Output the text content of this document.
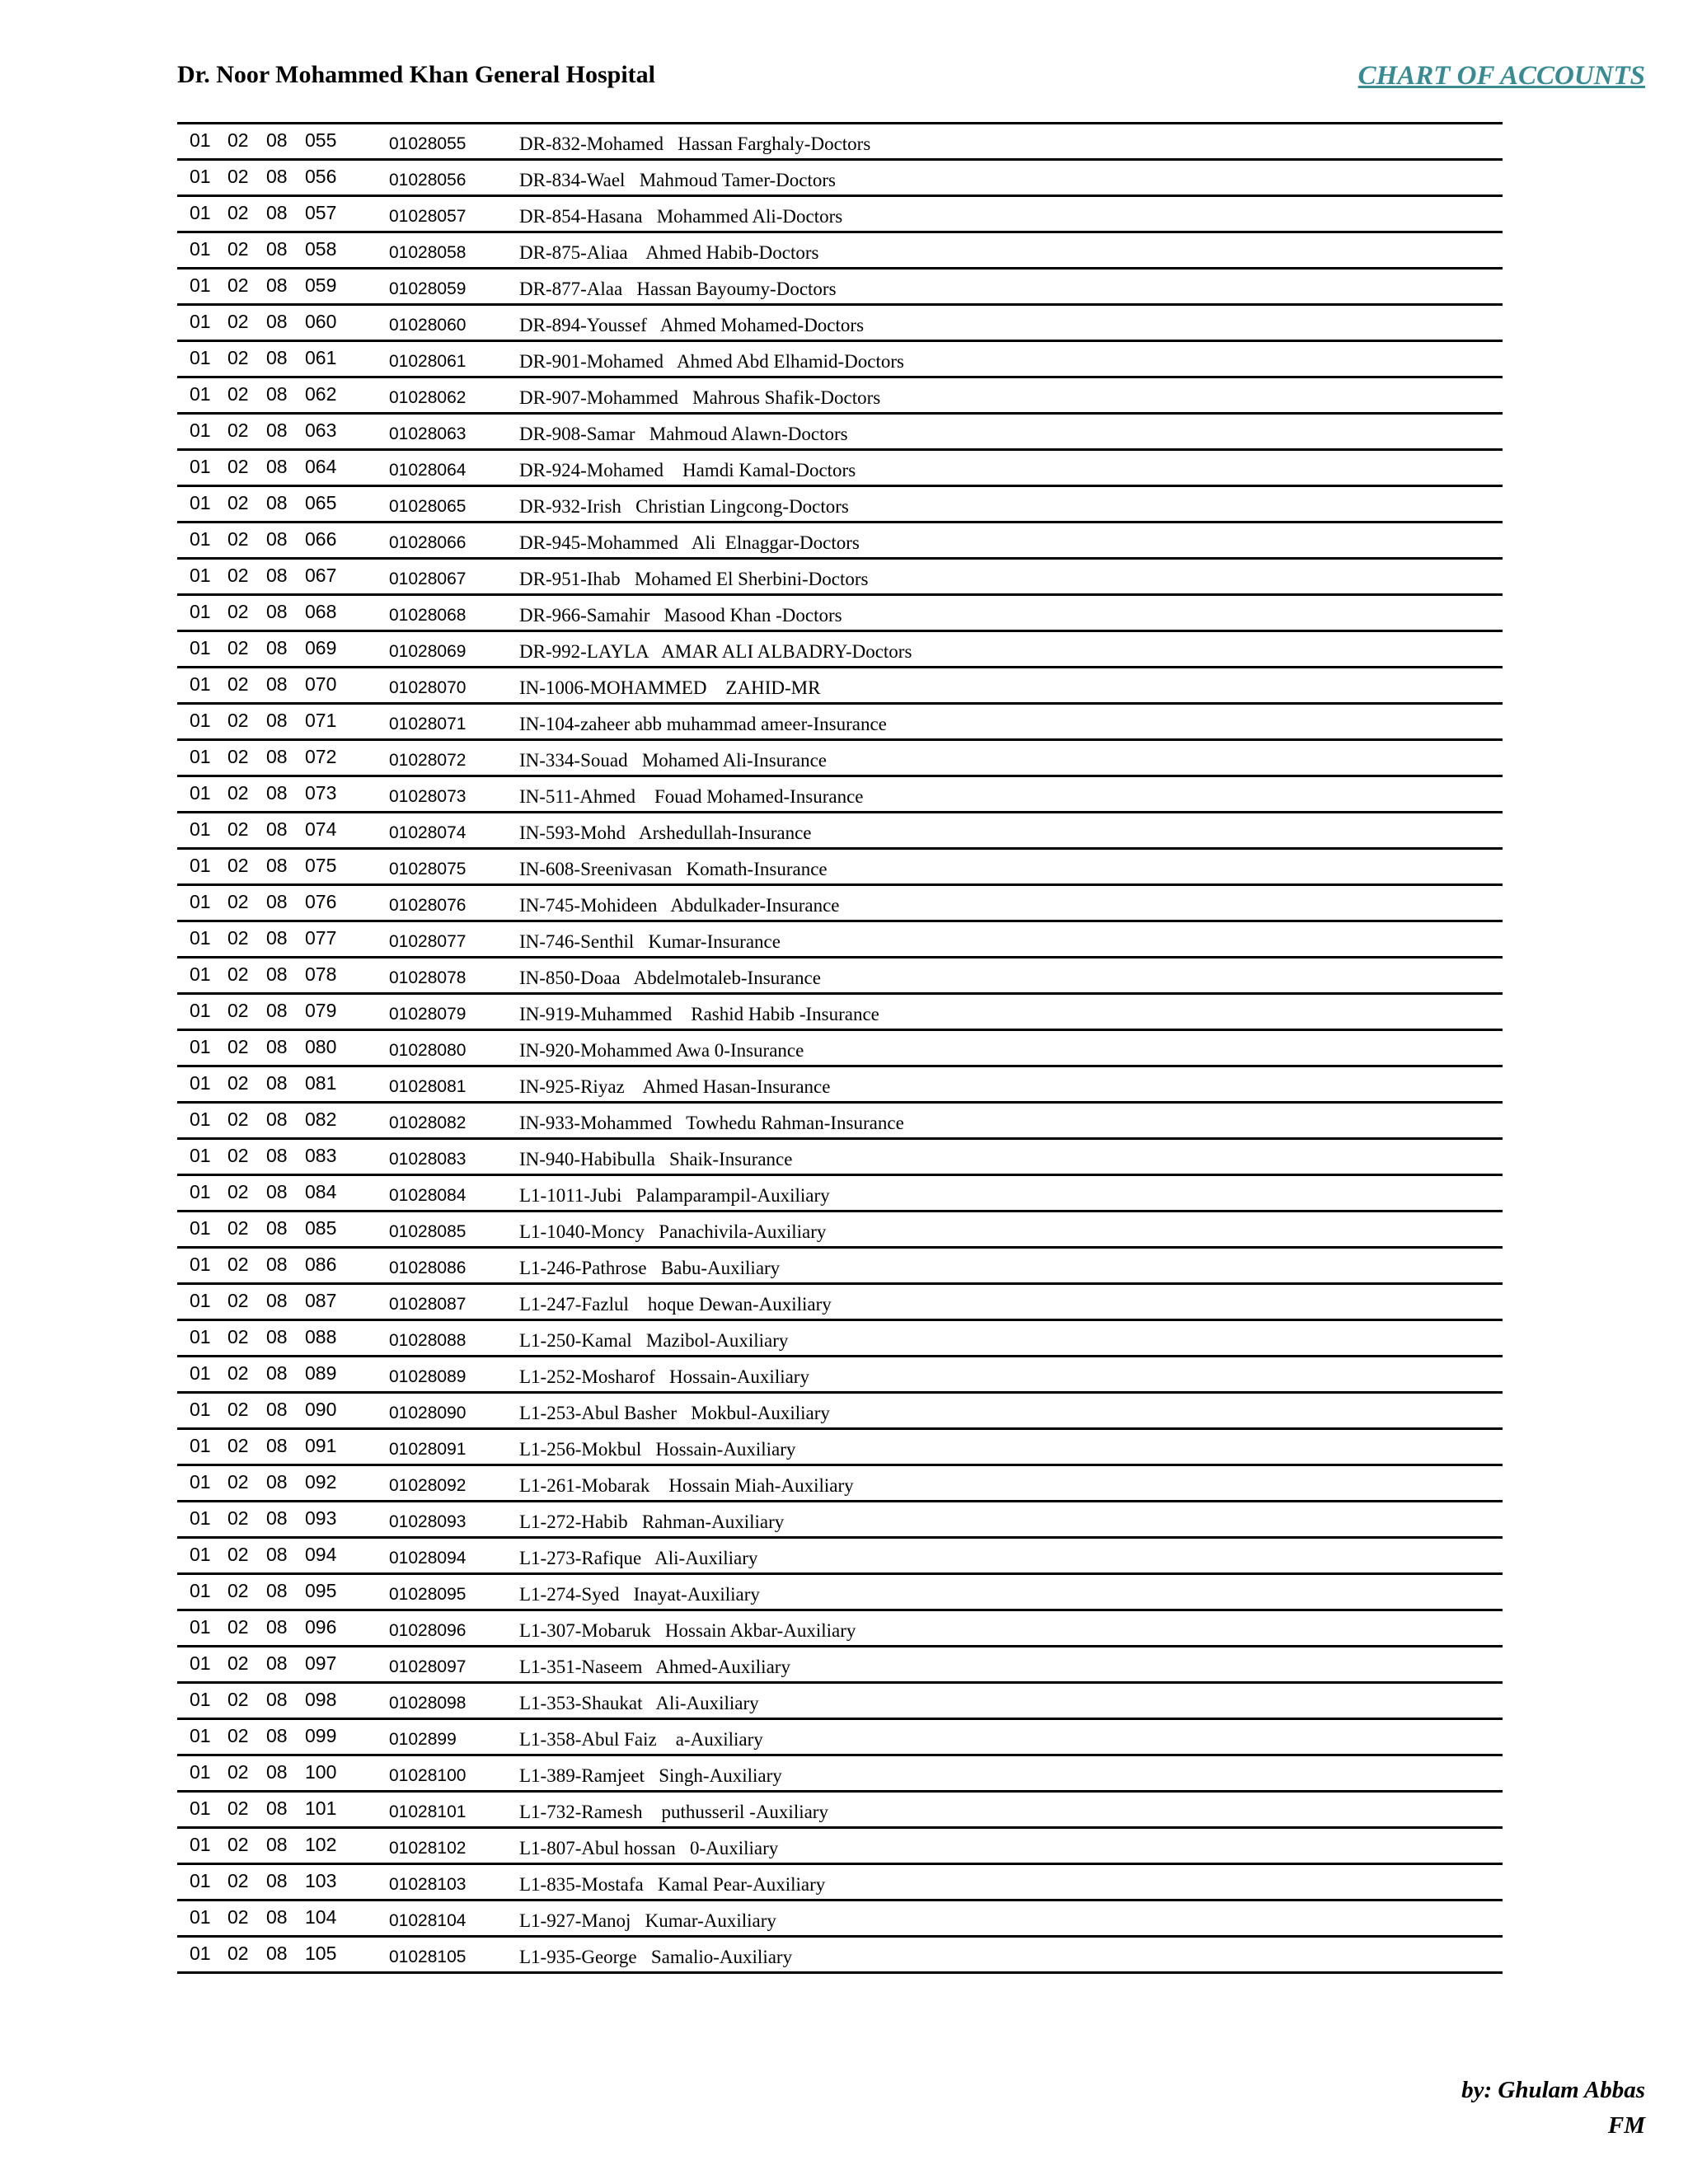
Dr. Noor Mohammed Khan General Hospital	CHART OF ACCOUNTS
01 02 08 055	01028055	DR-832-Mohamed   Hassan Farghaly-Doctors
01 02 08 056	01028056	DR-834-Wael   Mahmoud Tamer-Doctors
01 02 08 057	01028057	DR-854-Hasana   Mohammed Ali-Doctors
01 02 08 058	01028058	DR-875-Aliaa    Ahmed Habib-Doctors
01 02 08 059	01028059	DR-877-Alaa   Hassan Bayoumy-Doctors
01 02 08 060	01028060	DR-894-Youssef   Ahmed Mohamed-Doctors
01 02 08 061	01028061	DR-901-Mohamed   Ahmed Abd Elhamid-Doctors
01 02 08 062	01028062	DR-907-Mohammed   Mahrous Shafik-Doctors
01 02 08 063	01028063	DR-908-Samar   Mahmoud Alawn-Doctors
01 02 08 064	01028064	DR-924-Mohamed    Hamdi Kamal-Doctors
01 02 08 065	01028065	DR-932-Irish   Christian Lingcong-Doctors
01 02 08 066	01028066	DR-945-Mohammed   Ali  Elnaggar-Doctors
01 02 08 067	01028067	DR-951-Ihab   Mohamed El Sherbini-Doctors
01 02 08 068	01028068	DR-966-Samahir   Masood Khan -Doctors
01 02 08 069	01028069	DR-992-LAYLA   AMAR ALI ALBADRY-Doctors
01 02 08 070	01028070	IN-1006-MOHAMMED    ZAHID-MR
01 02 08 071	01028071	IN-104-zaheer abb muhammad ameer-Insurance
01 02 08 072	01028072	IN-334-Souad   Mohamed Ali-Insurance
01 02 08 073	01028073	IN-511-Ahmed    Fouad Mohamed-Insurance
01 02 08 074	01028074	IN-593-Mohd   Arshedullah-Insurance
01 02 08 075	01028075	IN-608-Sreenivasan   Komath-Insurance
01 02 08 076	01028076	IN-745-Mohideen   Abdulkader-Insurance
01 02 08 077	01028077	IN-746-Senthil   Kumar-Insurance
01 02 08 078	01028078	IN-850-Doaa   Abdelmotaleb-Insurance
01 02 08 079	01028079	IN-919-Muhammed    Rashid Habib -Insurance
01 02 08 080	01028080	IN-920-Mohammed Awa 0-Insurance
01 02 08 081	01028081	IN-925-Riyaz    Ahmed Hasan-Insurance
01 02 08 082	01028082	IN-933-Mohammed   Towhedu Rahman-Insurance
01 02 08 083	01028083	IN-940-Habibulla   Shaik-Insurance
01 02 08 084	01028084	L1-1011-Jubi   Palamparampil-Auxiliary
01 02 08 085	01028085	L1-1040-Moncy   Panachivila-Auxiliary
01 02 08 086	01028086	L1-246-Pathrose   Babu-Auxiliary
01 02 08 087	01028087	L1-247-Fazlul    hoque Dewan-Auxiliary
01 02 08 088	01028088	L1-250-Kamal   Mazibol-Auxiliary
01 02 08 089	01028089	L1-252-Mosharof   Hossain-Auxiliary
01 02 08 090	01028090	L1-253-Abul Basher   Mokbul-Auxiliary
01 02 08 091	01028091	L1-256-Mokbul   Hossain-Auxiliary
01 02 08 092	01028092	L1-261-Mobarak    Hossain Miah-Auxiliary
01 02 08 093	01028093	L1-272-Habib   Rahman-Auxiliary
01 02 08 094	01028094	L1-273-Rafique   Ali-Auxiliary
01 02 08 095	01028095	L1-274-Syed   Inayat-Auxiliary
01 02 08 096	01028096	L1-307-Mobaruk   Hossain Akbar-Auxiliary
01 02 08 097	01028097	L1-351-Naseem   Ahmed-Auxiliary
01 02 08 098	01028098	L1-353-Shaukat   Ali-Auxiliary
01 02 08 099	0102899	L1-358-Abul Faiz    a-Auxiliary
01 02 08 100	01028100	L1-389-Ramjeet   Singh-Auxiliary
01 02 08 101	01028101	L1-732-Ramesh    puthusseril -Auxiliary
01 02 08 102	01028102	L1-807-Abul hossan   0-Auxiliary
01 02 08 103	01028103	L1-835-Mostafa   Kamal Pear-Auxiliary
01 02 08 104	01028104	L1-927-Manoj   Kumar-Auxiliary
01 02 08 105	01028105	L1-935-George   Samalio-Auxiliary
by: Ghulam Abbas
FM
